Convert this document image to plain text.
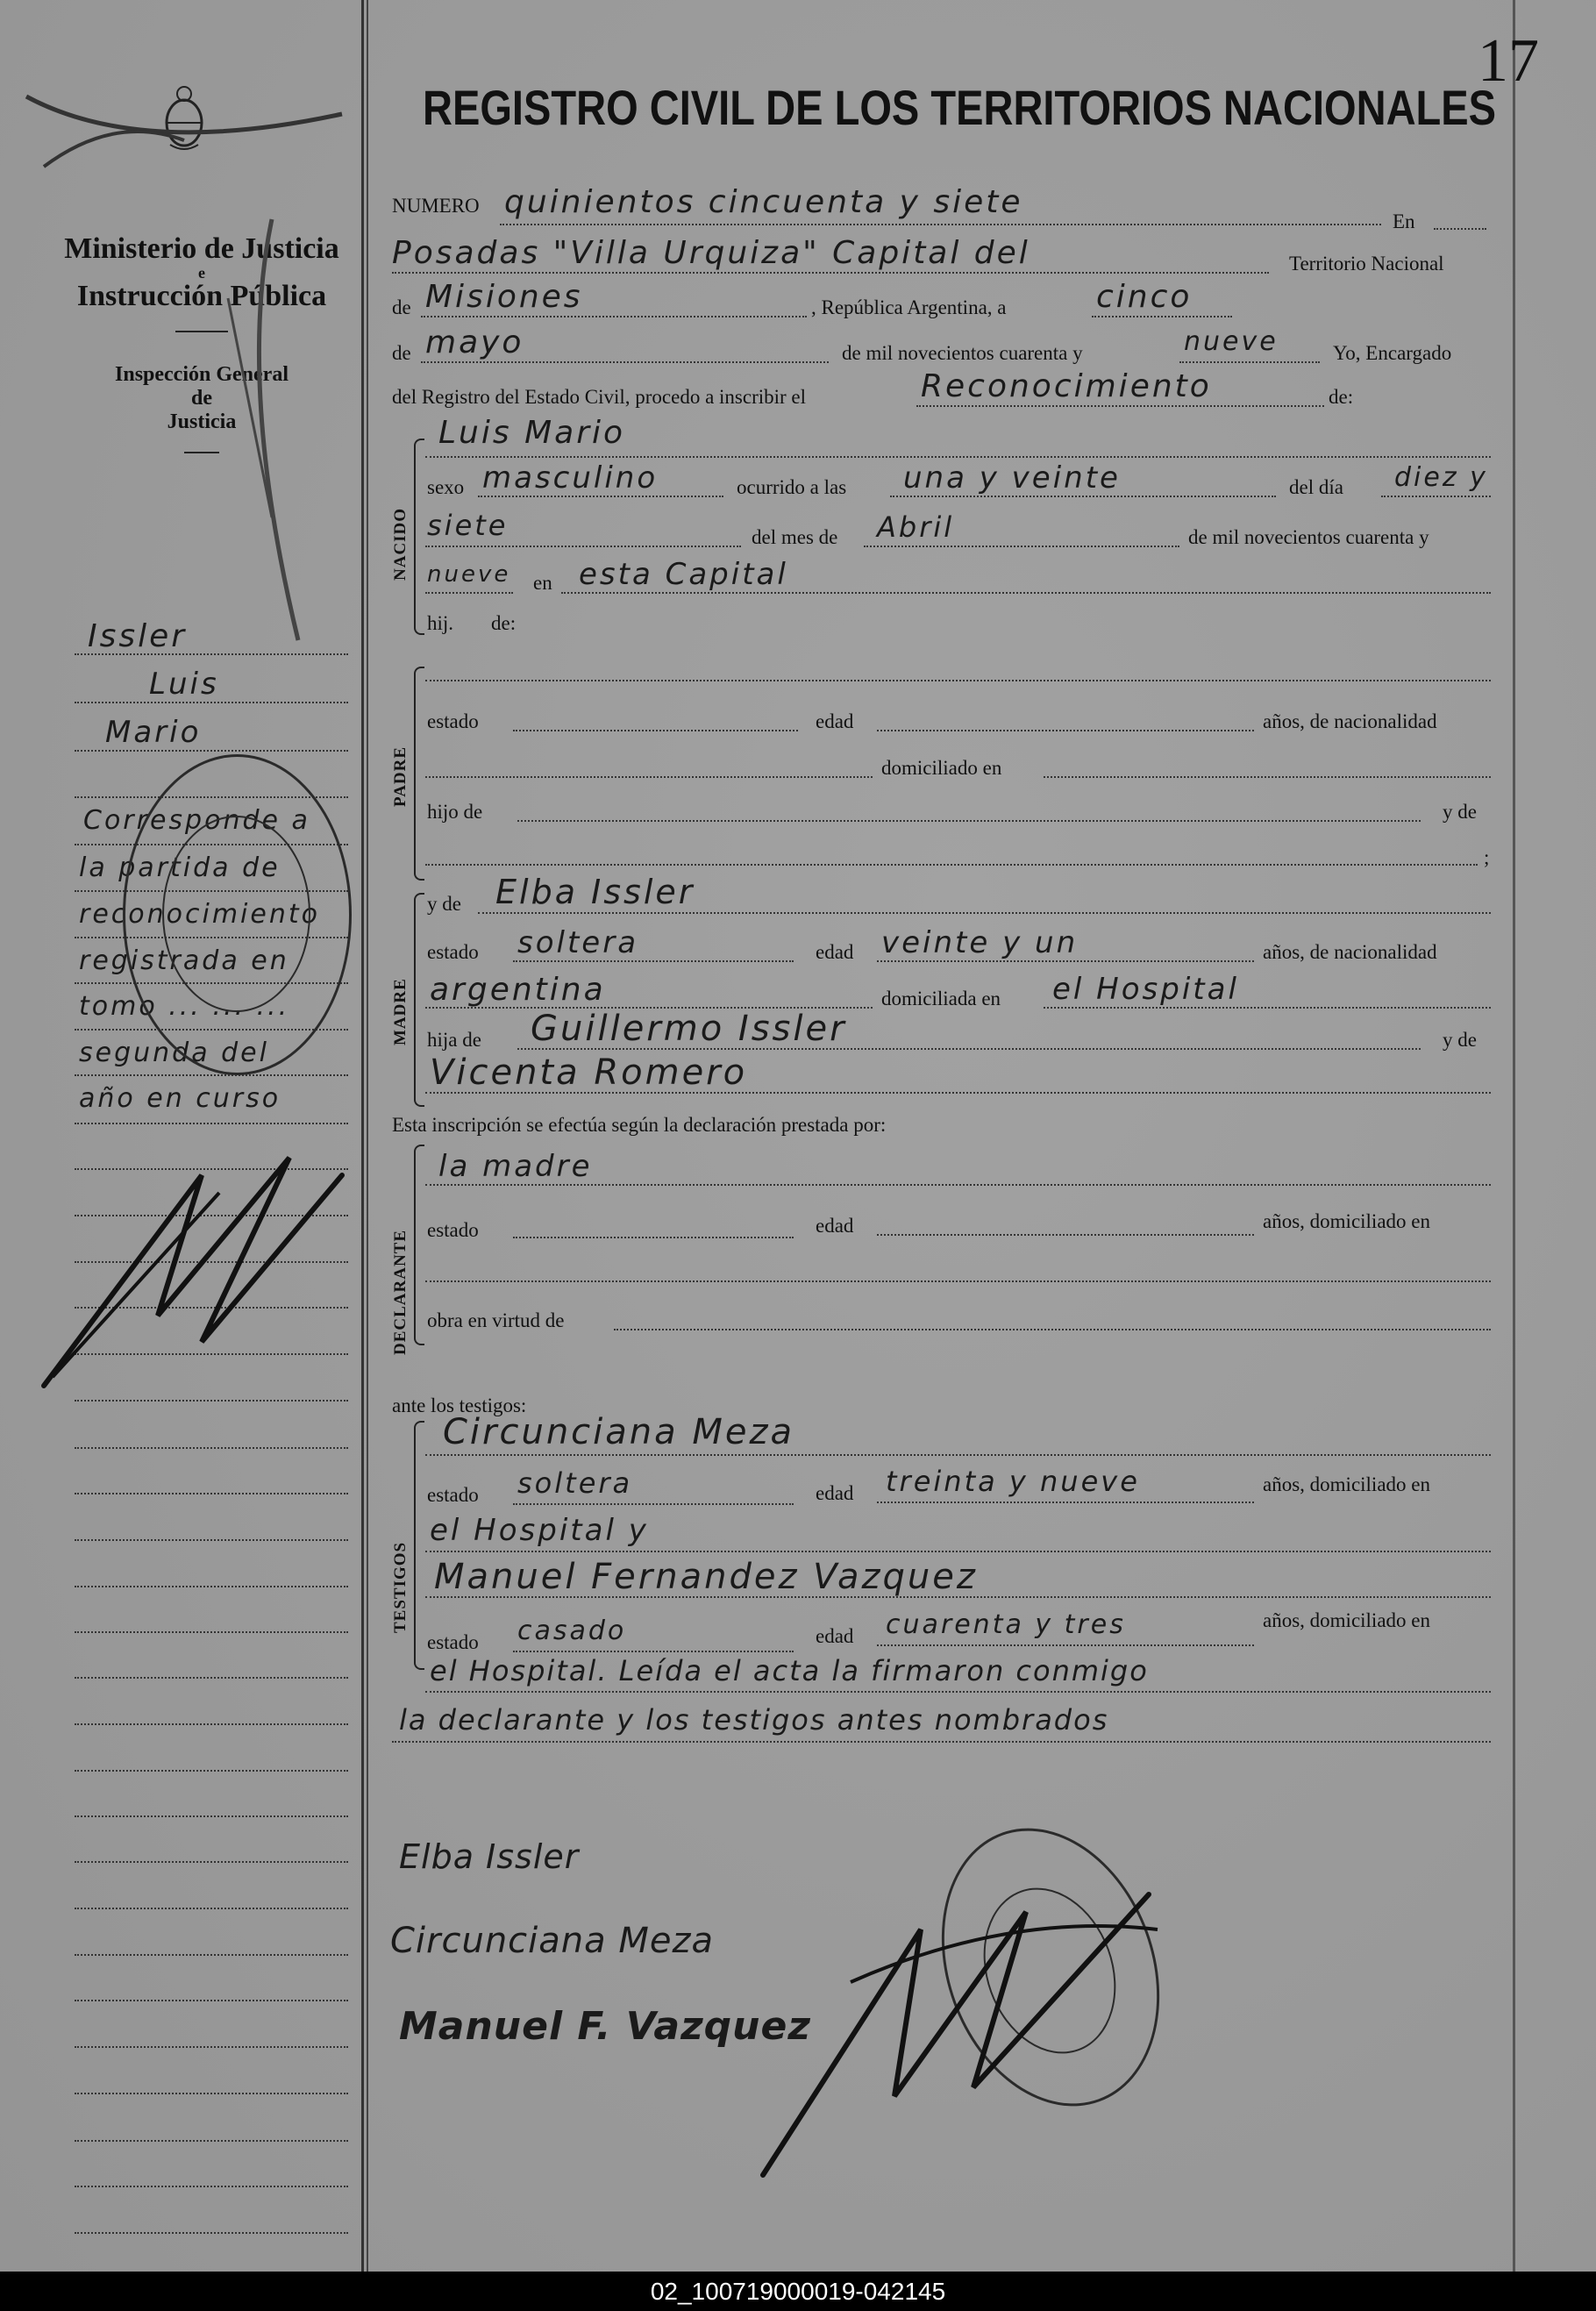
Ministerio de Justicia
e
Instrucción Pública
Inspección General
de
Justicia
Issler
Luis
Mario
Corresponde a
la partida de
reconocimiento
registrada en
tomo ... ... ...
segunda del
año en curso
17
REGISTRO CIVIL DE LOS TERRITORIOS NACIONALES
NUMERO quinientos cincuenta y siete
En
Posadas "Villa Urquiza" Capital del	Territorio Nacional
de Misiones	, República Argentina, a	cinco
de mayo	de mil novecientos cuarenta y	nueve	Yo, Encargado
del Registro del Estado Civil, procedo a inscribir el	Reconocimiento	de:
NACIDO
Luis Mario
sexo masculino	ocurrido a las una y veinte	del día diez y
siete	del mes de Abril	de mil novecientos cuarenta y
nueve en esta Capital
hij. de:
PADRE
estado	edad	años, de nacionalidad
domiciliado en
hijo de	y de
;
MADRE
y de Elba Issler
estado soltera	edad veinte y un	años, de nacionalidad
argentina	domiciliada en el Hospital
hija de Guillermo Issler	y de
Vicenta Romero
Esta inscripción se efectúa según la declaración prestada por:
DECLARANTE
la madre
estado	edad	años, domiciliado en
obra en virtud de
ante los testigos:
TESTIGOS
Circunciana Meza
estado soltera	edad treinta y nueve	años, domiciliado en
el Hospital y
Manuel Fernandez Vazquez
estado casado	edad cuarenta y tres	años, domiciliado en
el Hospital. Leída el acta la firmaron conmigo
la declarante y los testigos antes nombrados
Elba Issler
Circunciana Meza
Manuel F. Vazquez
02_100719000019-042145
